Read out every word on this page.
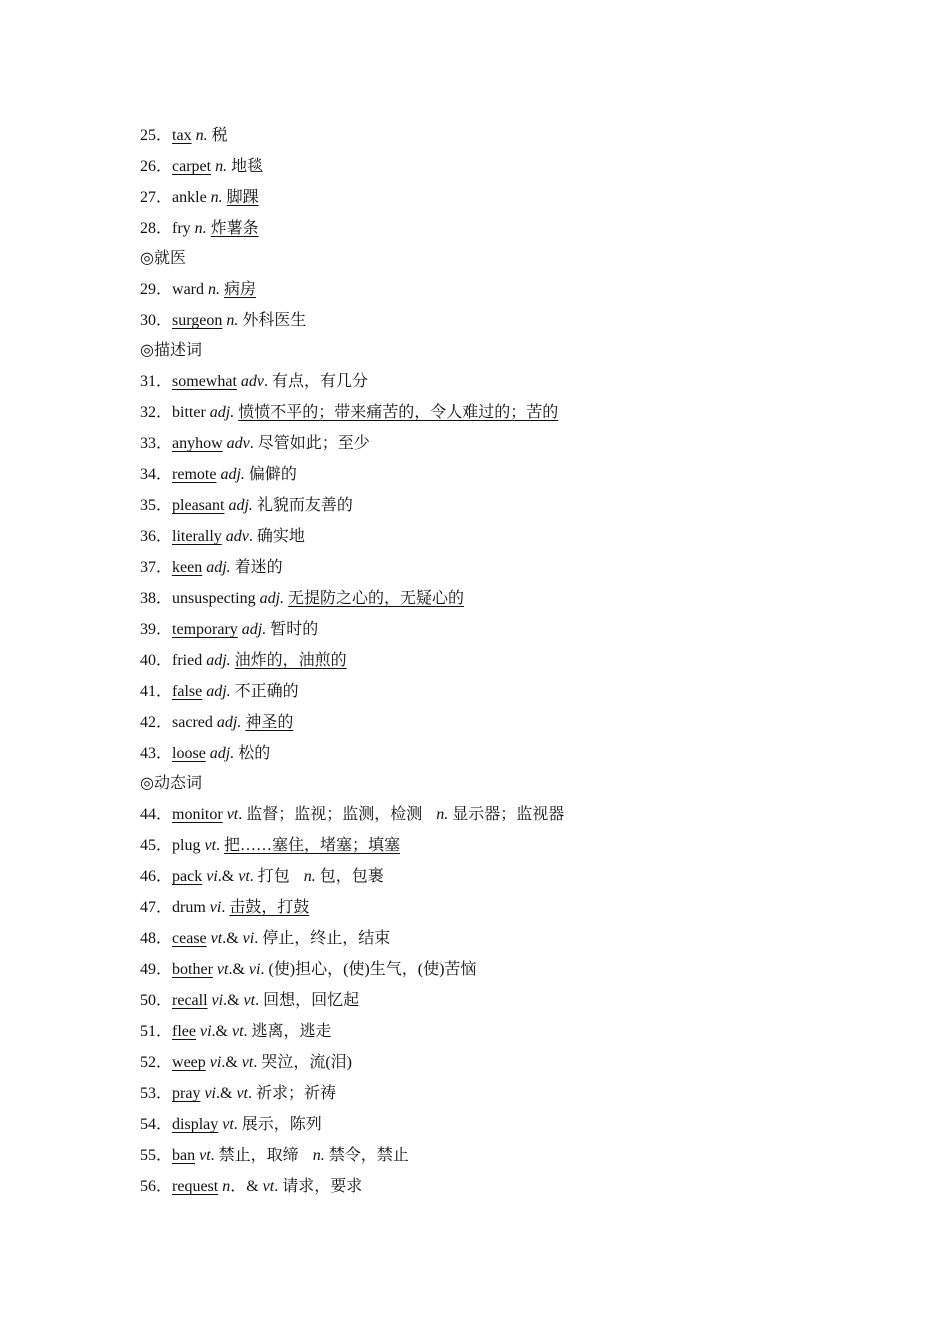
25．tax n. 税
26．carpet n. 地毯
27．ankle n. 脚踝
28．fry n. 炸薯条
◎就医
29．ward n. 病房
30．surgeon n. 外科医生
◎描述词
31．somewhat adv. 有点，有几分
32．bitter adj. 愤愤不平的；带来痛苦的，令人难过的；苦的
33．anyhow adv. 尽管如此；至少
34．remote adj. 偏僻的
35．pleasant adj. 礼貌而友善的
36．literally adv. 确实地
37．keen adj. 着迷的
38．unsuspecting adj. 无提防之心的，无疑心的
39．temporary adj. 暂时的
40．fried adj. 油炸的，油煎的
41．false adj. 不正确的
42．sacred adj. 神圣的
43．loose adj. 松的
◎动态词
44．monitor vt. 监督；监视；监测，检测 n. 显示器；监视器
45．plug vt. 把……塞住，堵塞；填塞
46．pack vi.& vt. 打包 n. 包，包裹
47．drum vi. 击鼓，打鼓
48．cease vt.& vi. 停止，终止，结束
49．bother vt.& vi. (使)担心，(使)生气，(使)苦恼
50．recall vi.& vt. 回想，回忆起
51．flee vi.& vt. 逃离，逃走
52．weep vi.& vt. 哭泣，流(泪)
53．pray vi.& vt. 祈求；祈祷
54．display vt. 展示，陈列
55．ban vt. 禁止，取缔 n. 禁令，禁止
56．request n．& vt. 请求，要求
